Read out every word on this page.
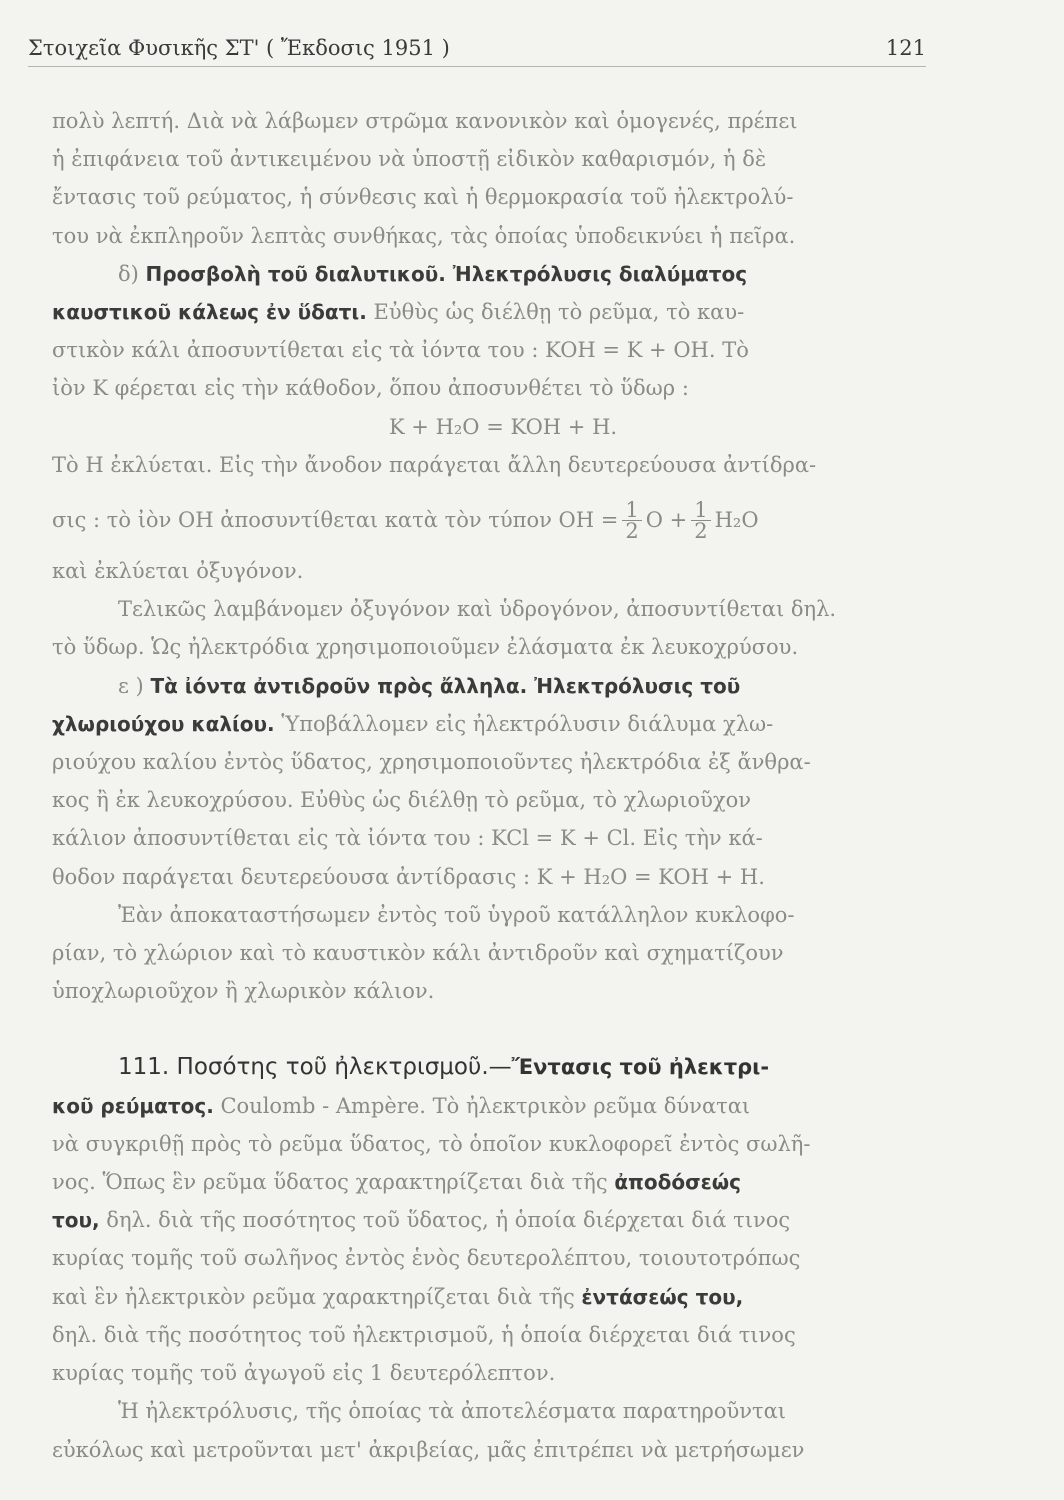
Στοιχεῖα Φυσικῆς ΣΤ' ( Ἔκδοσις 1951 )	121

πολὺ λεπτή. Διὰ νὰ λάβωμεν στρῶμα κανονικὸν καὶ ὁμογενές, πρέπει

ἡ ἐπιφάνεια τοῦ ἀντικειμένου νὰ ὑποστῇ εἰδικὸν καθαρισμόν, ἡ δὲ

ἔντασις τοῦ ρεύματος, ἡ σύνθεσις καὶ ἡ θερμοκρασία τοῦ ἠλεκτρολύ-

του νὰ ἐκπληροῦν λεπτὰς συνθήκας, τὰς ὁποίας ὑποδεικνύει ἡ πεῖρα.

δ) Προσβολὴ τοῦ διαλυτικοῦ. Ἠλεκτρόλυσις διαλύματος

καυστικοῦ κάλεως ἐν ὕδατι. Εὐθὺς ὡς διέλθῃ τὸ ρεῦμα, τὸ καυ-

στικὸν κάλι ἀποσυντίθεται εἰς τὰ ἰόντα του : KOH = K + OH. Τὸ

ἰὸν K φέρεται εἰς τὴν κάθοδον, ὅπου ἀποσυνθέτει τὸ ὕδωρ :

K + H₂O = KOH + H.

Τὸ H ἐκλύεται. Εἰς τὴν ἄνοδον παράγεται ἄλλη δευτερεύουσα ἀντίδρα-

σις : τὸ ἰὸν OH ἀποσυντίθεται κατὰ τὸν τύπον OH = $\frac{1}{2}$ $O + \frac{1}{2} H_2O$

καὶ ἐκλύεται ὀξυγόνον.

Τελικῶς λαμβάνομεν ὀξυγόνον καὶ ὑδρογόνον, ἀποσυντίθεται δηλ.

τὸ ὕδωρ. Ὡς ἠλεκτρόδια χρησιμοποιοῦμεν ἐλάσματα ἐκ λευκοχρύσου.

ε ) Τὰ ἰόντα ἀντιδροῦν πρὸς ἄλληλα. Ἠλεκτρόλυσις τοῦ

χλωριούχου καλίου. Ὑποβάλλομεν εἰς ἠλεκτρόλυσιν διάλυμα χλω-

ριούχου καλίου ἐντὸς ὕδατος, χρησιμοποιοῦντες ἠλεκτρόδια ἐξ ἄνθρα-

κος ἢ ἐκ λευκοχρύσου. Εὐθὺς ὡς διέλθῃ τὸ ρεῦμα, τὸ χλωριοῦχον

κάλιον ἀποσυντίθεται εἰς τὰ ἰόντα του : KCl = K + Cl. Εἰς τὴν κά-

θοδον παράγεται δευτερεύουσα ἀντίδρασις : K + H₂O = KOH + H.

Ἐὰν ἀποκαταστήσωμεν ἐντὸς τοῦ ὑγροῦ κατάλληλον κυκλοφο-

ρίαν, τὸ χλώριον καὶ τὸ καυστικὸν κάλι ἀντιδροῦν καὶ σχηματίζουν

ὑποχλωριοῦχον ἢ χλωρικὸν κάλιον.

111. Ποσότης τοῦ ἠλεκτρισμοῦ.—Ἔντασις τοῦ ἠλεκτρι-

κοῦ ρεύματος. Coulomb - Ampère. Τὸ ἠλεκτρικὸν ρεῦμα δύναται

νὰ συγκριθῇ πρὸς τὸ ρεῦμα ὕδατος, τὸ ὁποῖον κυκλοφορεῖ ἐντὸς σωλῆ-

νος. Ὅπως ἓν ρεῦμα ὕδατος χαρακτηρίζεται διὰ τῆς ἀποδόσεώς

του, δηλ. διὰ τῆς ποσότητος τοῦ ὕδατος, ἡ ὁποία διέρχεται διά τινος

κυρίας τομῆς τοῦ σωλῆνος ἐντὸς ἑνὸς δευτερολέπτου, τοιουτοτρόπως

καὶ ἓν ἠλεκτρικὸν ρεῦμα χαρακτηρίζεται διὰ τῆς ἐντάσεώς του,

δηλ. διὰ τῆς ποσότητος τοῦ ἠλεκτρισμοῦ, ἡ ὁποία διέρχεται διά τινος

κυρίας τομῆς τοῦ ἀγωγοῦ εἰς 1 δευτερόλεπτον.

Ἡ ἠλεκτρόλυσις, τῆς ὁποίας τὰ ἀποτελέσματα παρατηροῦνται

εὐκόλως καὶ μετροῦνται μετ' ἀκριβείας, μᾶς ἐπιτρέπει νὰ μετρήσωμεν
